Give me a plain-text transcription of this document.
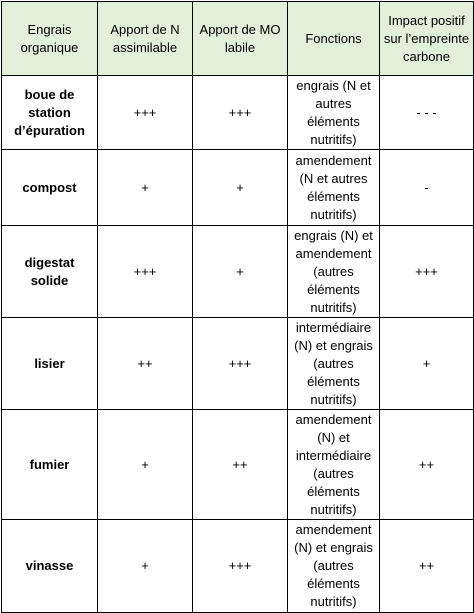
Engrais organique	Apport de N assimilable	Apport de MO labile	Fonctions	Impact positif sur l’empreinte carbone
boue de station d’épuration	+++	+++	engrais (N et autres éléments nutritifs)	- - -
compost	+	+	amendement (N et autres éléments nutritifs)	-
digestat solide	+++	+	engrais (N) et amendement (autres éléments nutritifs)	+++
lisier	++	+++	intermédiaire (N) et engrais (autres éléments nutritifs)	+
fumier	+	++	amendement (N) et intermédiaire (autres éléments nutritifs)	++
vinasse	+	+++	amendement (N) et engrais (autres éléments nutritifs)	++
